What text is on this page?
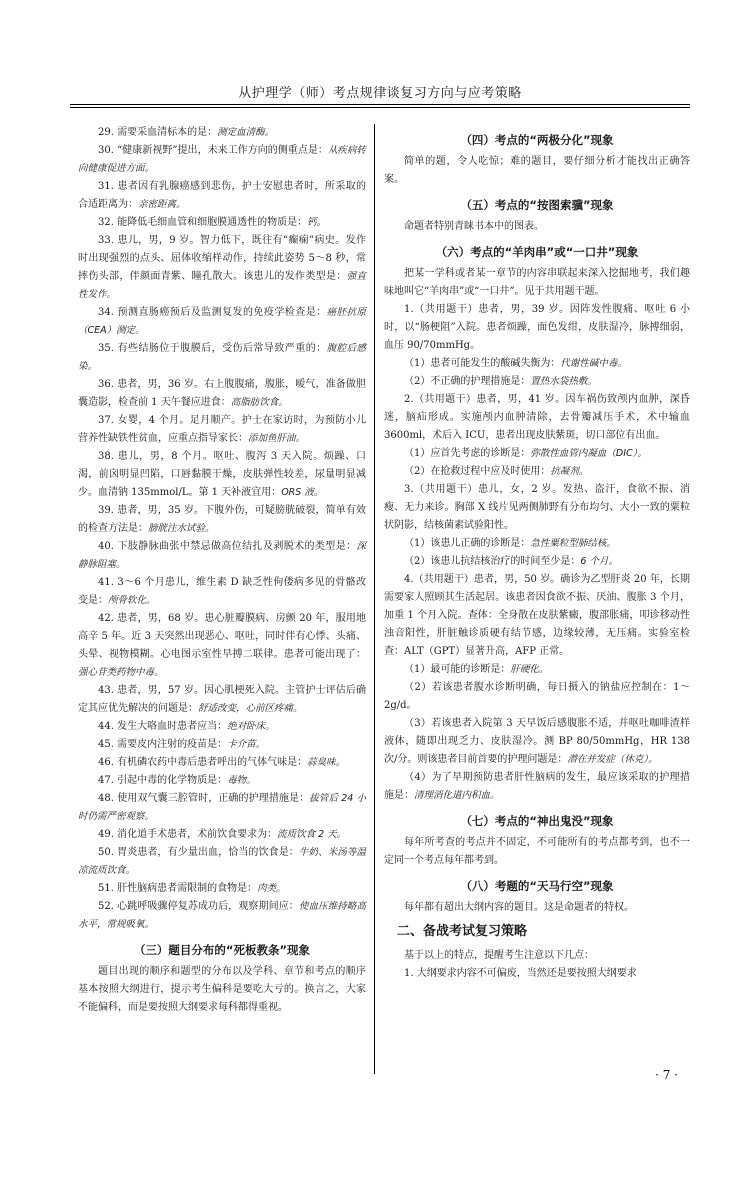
从护理学（师）考点规律谈复习方向与应考策略

29. 需要采血清标本的是：测定血清酶。

30. “健康新视野”提出，未来工作方向的侧重点是：从疾病转向健康促进方面。

31. 患者因有乳腺癌感到悲伤，护士安慰患者时，所采取的合适距离为：亲密距离。

32. 能降低毛细血管和细胞膜通透性的物质是：钙。

33. 患儿，男，9 岁。智力低下，既往有“癫痫”病史。发作时出现强烈的点头、屈体收缩样动作，持续此姿势 5～8 秒，常摔伤头部，伴颜面青紫、瞳孔散大。该患儿的发作类型是：强直性发作。

34. 预测直肠癌预后及监测复发的免疫学检查是：癌胚抗原（CEA）测定。

35. 有些结肠位于腹膜后，受伤后常导致严重的：腹腔后感染。

36. 患者，男，36 岁。右上腹腹痛，腹胀，嗳气，准备做胆囊造影，检查前 1 天午餐应进食：高脂肪饮食。

37. 女婴，4 个月。足月顺产。护士在家访时，为预防小儿营养性缺铁性贫血，应重点指导家长：添加鱼肝油。

38. 患儿，男，8 个月。呕吐、腹泻 3 天入院。烦躁、口渴，前囟明显凹陷，口唇黏膜干燥，皮肤弹性较差，尿量明显减少。血清钠 135mmol/L。第 1 天补液宜用：ORS 液。

39. 患者，男，35 岁。下腹外伤，可疑膀胱破裂，简单有效的检查方法是：膀胱注水试验。

40. 下肢静脉曲张中禁忌做高位结扎及剥脱术的类型是：深静脉阻塞。

41. 3～6 个月患儿，维生素 D 缺乏性佝偻病多见的骨骼改变是：颅骨软化。

42. 患者，男，68 岁。患心脏瓣膜病、房颤 20 年，服用地高辛 5 年。近 3 天突然出现恶心、呕吐，同时伴有心悸、头痛、头晕、视物模糊。心电图示室性早搏二联律。患者可能出现了：强心苷类药物中毒。

43. 患者，男，57 岁。因心肌梗死入院。主管护士评估后确定其应优先解决的问题是：舒适改变，心前区疼痛。

44. 发生大咯血时患者应当：绝对卧床。

45. 需要皮内注射的疫苗是：卡介苗。

46. 有机磷农药中毒后患者呼出的气体气味是：蒜臭味。

47. 引起中毒的化学物质是：毒物。

48. 使用双气囊三腔管时，正确的护理措施是：拔管后 24 小时仍需严密观察。

49. 消化道手术患者，术前饮食要求为：流质饮食 2 天。

50. 胃炎患者，有少量出血，恰当的饮食是：牛奶、米汤等温凉流质饮食。

51. 肝性脑病患者需限制的食物是：肉类。

52. 心跳呼吸骤停复苏成功后，观察期间应：使血压维持略高水平，常规吸氧。

（三）题目分布的“死板教条”现象

题目出现的顺序和题型的分布以及学科、章节和考点的顺序基本按照大纲进行，提示考生偏科是要吃大亏的。换言之，大家不能偏科，而是要按照大纲要求每科都得重视。

（四）考点的“两极分化”现象

简单的题，令人吃惊；难的题目，要仔细分析才能找出正确答案。

（五）考点的“按图索骥”现象

命题者特别青睐书本中的图表。

（六）考点的“羊肉串”或“一口井”现象

把某一学科或者某一章节的内容串联起来深入挖掘地考，我们趣味地叫它“羊肉串”或“一口井”。见于共用题干题。

1.（共用题干）患者，男，39 岁。因阵发性腹痛、呕吐 6 小时，以“肠梗阻”入院。患者烦躁，面色发绀，皮肤湿冷，脉搏细弱，血压 90/70mmHg。

（1）患者可能发生的酸碱失衡为：代谢性碱中毒。

（2）不正确的护理措施是：置热水袋热敷。

2.（共用题干）患者，男，41 岁。因车祸伤致颅内血肿，深昏迷，脑疝形成。实施颅内血肿清除，去骨瓣减压手术，术中输血 3600ml，术后入 ICU，患者出现皮肤紫斑，切口部位有出血。

（1）应首先考虑的诊断是：弥散性血管内凝血（DIC）。

（2）在抢救过程中应及时使用：抗凝剂。

3.（共用题干）患儿，女，2 岁。发热、盗汗，食欲不振、消瘦、无力来诊。胸部 X 线片见两侧肺野有分布均匀、大小一致的粟粒状阴影，结核菌素试验阳性。

（1）该患儿正确的诊断是：急性粟粒型肺结核。

（2）该患儿抗结核治疗的时间至少是：6 个月。

4.（共用题干）患者，男，50 岁。确诊为乙型肝炎 20 年，长期需要家人照顾其生活起居。该患者因食欲不振、厌油、腹胀 3 个月，加重 1 个月入院。查体：全身散在皮肤紫癜，腹部胀痛，叩诊移动性浊音阳性，肝脏触诊质硬有结节感，边缘较薄，无压痛。实验室检查：ALT（GPT）显著升高，AFP 正常。

（1）最可能的诊断是：肝硬化。

（2）若该患者腹水诊断明确，每日摄入的钠盐应控制在：1～2g/d。

（3）若该患者入院第 3 天早饭后感腹胀不适，并呕吐咖啡渣样液体，随即出现乏力、皮肤湿冷。测 BP 80/50mmHg，HR 138 次/分。则该患者目前首要的护理问题是：潜在并发症（休克）。

（4）为了早期预防患者肝性脑病的发生，最应该采取的护理措施是：清理消化道内积血。

（七）考点的“神出鬼没”现象

每年所考查的考点并不固定，不可能所有的考点都考到，也不一定同一个考点每年都考到。

（八）考题的“天马行空”现象

每年都有超出大纲内容的题目。这是命题者的特权。

二、备战考试复习策略

基于以上的特点，提醒考生注意以下几点：

1. 大纲要求内容不可偏废，当然还是要按照大纲要求

· 7 ·
